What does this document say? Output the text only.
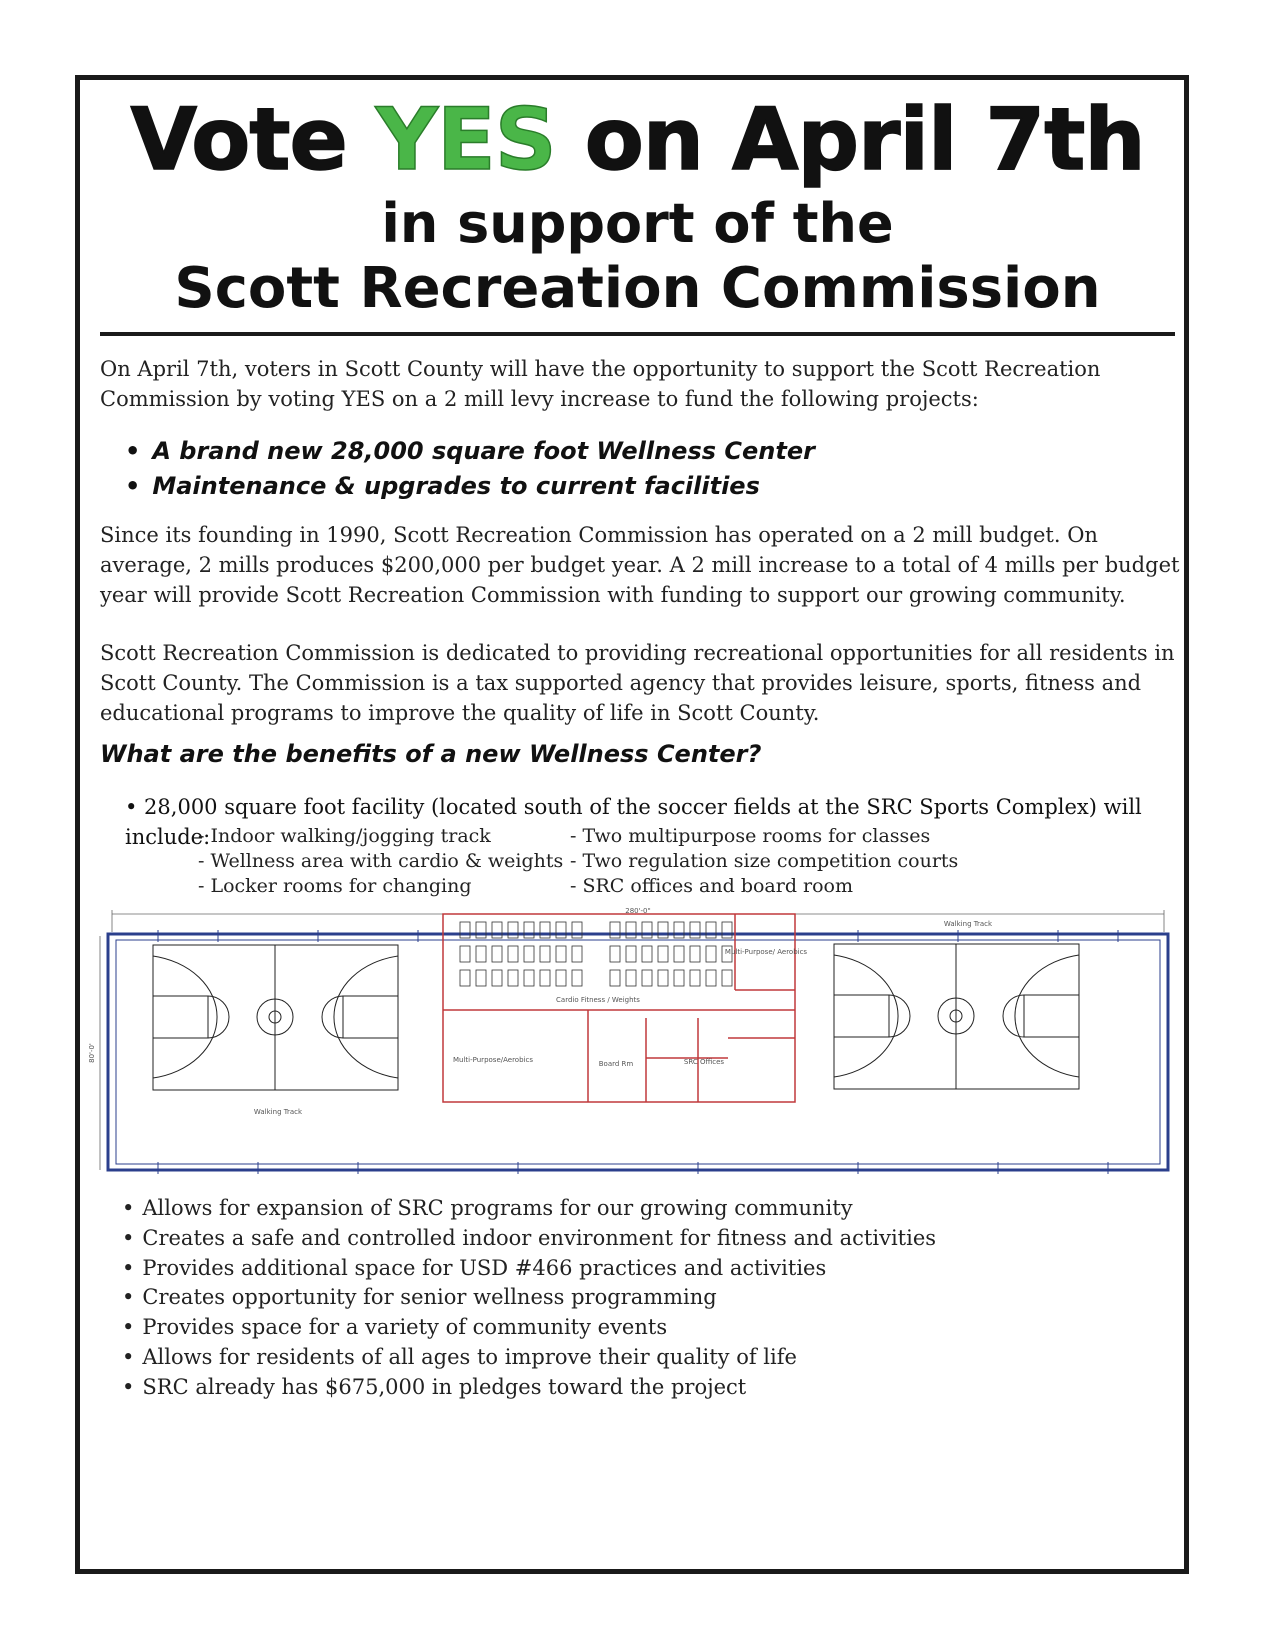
Vote YES on April 7th
in support of the
Scott Recreation Commission
On April 7th, voters in Scott County will have the opportunity to support the Scott Recreation Commission by voting YES on a 2 mill levy increase to fund the following projects:
• A brand new 28,000 square foot Wellness Center
• Maintenance & upgrades to current facilities
Since its founding in 1990, Scott Recreation Commission has operated on a 2 mill budget. On average, 2 mills produces $200,000 per budget year. A 2 mill increase to a total of 4 mills per budget year will provide Scott Recreation Commission with funding to support our growing community.
Scott Recreation Commission is dedicated to providing recreational opportunities for all residents in Scott County. The Commission is a tax supported agency that provides leisure, sports, fitness and educational programs to improve the quality of life in Scott County.
What are the benefits of a new Wellness Center?
• 28,000 square foot facility (located south of the soccer fields at the SRC Sports Complex) will include:
- Indoor walking/jogging track
- Wellness area with cardio & weights
- Locker rooms for changing
- Two multipurpose rooms for classes
- Two regulation size competition courts
- SRC offices and board room
280'-0"
80'-0'
Walking Track
Walking Track
Cardio Fitness / Weights
Multi-Purpose/ Aerobics
Multi-Purpose/Aerobics	Board Rm	SRC Offices
• Allows for expansion of SRC programs for our growing community
• Creates a safe and controlled indoor environment for fitness and activities
• Provides additional space for USD #466 practices and activities
• Creates opportunity for senior wellness programming
• Provides space for a variety of community events
• Allows for residents of all ages to improve their quality of life
• SRC already has $675,000 in pledges toward the project
